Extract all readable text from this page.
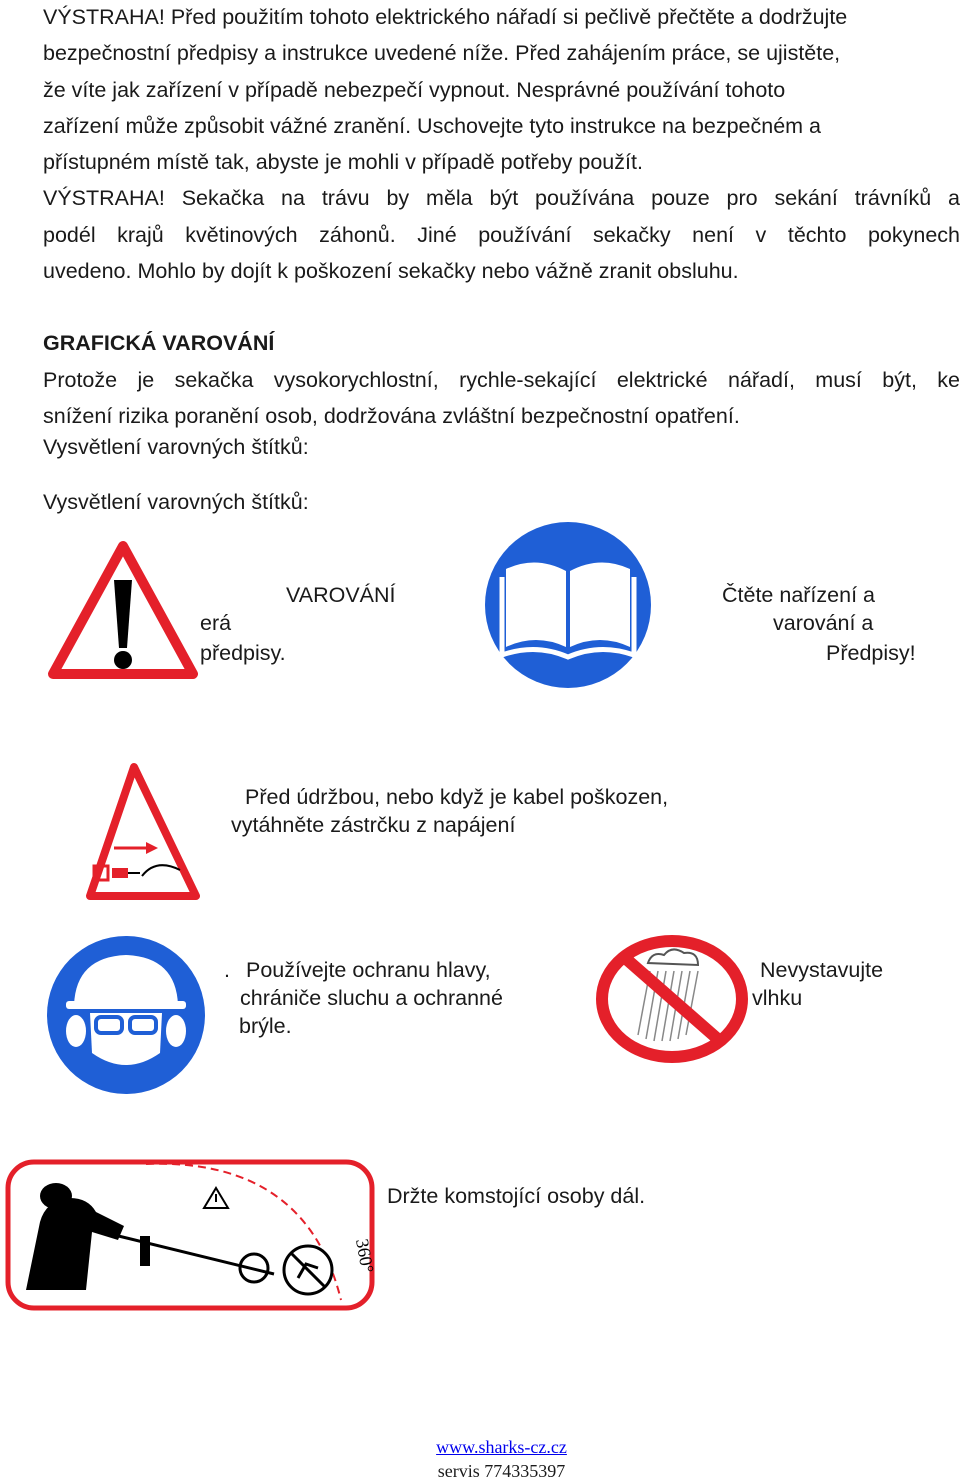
VÝSTRAHA! Před použitím tohoto elektrického nářadí si pečlivě přečtěte a dodržujte
bezpečnostní předpisy a instrukce uvedené níže. Před zahájením práce, se ujistěte,
že víte jak zařízení v případě nebezpečí vypnout. Nesprávné používání tohoto
zařízení může způsobit vážné zranění. Uschovejte tyto instrukce na bezpečném a
přístupném místě tak, abyste je mohli v případě potřeby použít.
VÝSTRAHA! Sekačka na trávu by měla být používána pouze pro sekání trávníků a
podél krajů květinových záhonů. Jiné používání sekačky není v těchto pokynech
uvedeno. Mohlo by dojít k poškození sekačky nebo vážně zranit obsluhu.
GRAFICKÁ VAROVÁNÍ
Protože je sekačka vysokorychlostní, rychle-sekající elektrické nářadí, musí být, ke
snížení rizika poranění osob, dodržována zvláštní bezpečnostní opatření.
Vysvětlení varovných štítků:
Vysvětlení varovných štítků:
VAROVÁNÍ
erá
předpisy.
Čtěte nařízení a
varování a
Předpisy!
Před údržbou, nebo když je kabel poškozen,
vytáhněte zástrčku z napájení
. Používejte ochranu hlavy,
chrániče sluchu a ochranné
brýle.
Nevystavujte
vlhku
360°
Držte komstojící osoby dál.
www.sharks-cz.cz
servis 774335397
